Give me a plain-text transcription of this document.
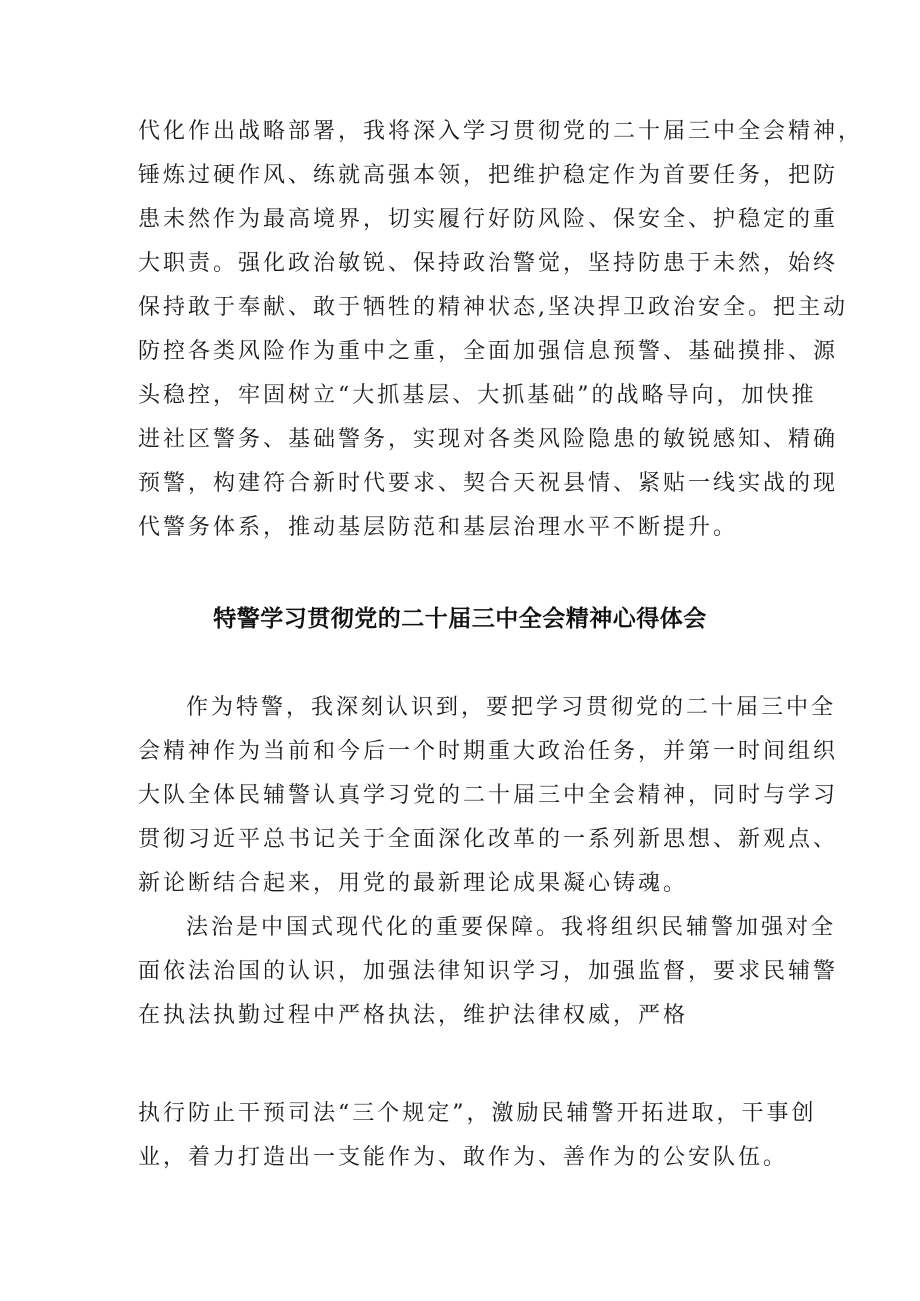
代化作出战略部署，我将深入学习贯彻党的二十届三中全会精神，

锤炼过硬作风、练就高强本领，把维护稳定作为首要任务，把防

患未然作为最高境界，切实履行好防风险、保安全、护稳定的重

大职责。强化政治敏锐、保持政治警觉，坚持防患于未然，始终

保持敢于奉献、敢于牺牲的精神状态,坚决捍卫政治安全。把主动

防控各类风险作为重中之重，全面加强信息预警、基础摸排、源

头稳控，牢固树立“大抓基层、大抓基础”的战略导向，加快推

进社区警务、基础警务，实现对各类风险隐患的敏锐感知、精确

预警，构建符合新时代要求、契合天祝县情、紧贴一线实战的现

代警务体系，推动基层防范和基层治理水平不断提升。

特警学习贯彻党的二十届三中全会精神心得体会

作为特警，我深刻认识到，要把学习贯彻党的二十届三中全

会精神作为当前和今后一个时期重大政治任务，并第一时间组织

大队全体民辅警认真学习党的二十届三中全会精神，同时与学习

贯彻习近平总书记关于全面深化改革的一系列新思想、新观点、

新论断结合起来，用党的最新理论成果凝心铸魂。

法治是中国式现代化的重要保障。我将组织民辅警加强对全

面依法治国的认识，加强法律知识学习，加强监督，要求民辅警

在执法执勤过程中严格执法，维护法律权威，严格

执行防止干预司法“三个规定”，激励民辅警开拓进取，干事创

业，着力打造出一支能作为、敢作为、善作为的公安队伍。
